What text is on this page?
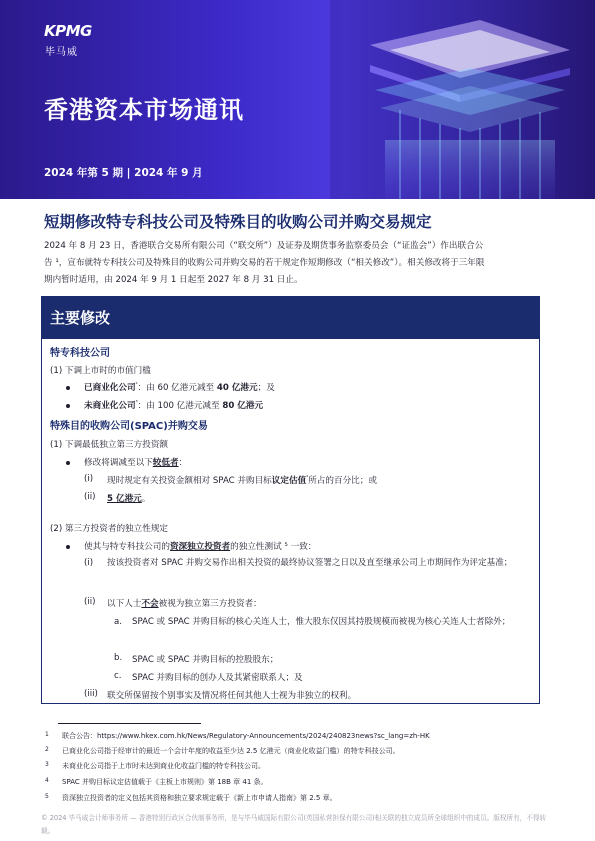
KPMG
毕马威
香港资本市场通讯
2024 年第 5 期 | 2024 年 9 月
短期修改特专科技公司及特殊目的收购公司并购交易规定
2024 年 8 月 23 日，香港联合交易所有限公司（“联交所”）及证券及期货事务监察委员会（“证监会”）作出联合公
告 ¹，宣布就特专科技公司及特殊目的收购公司并购交易的若干规定作短期修改（“相关修改”）。相关修改将于三年限
期内暂时适用，由 2024 年 9 月 1 日起至 2027 年 8 月 31 日止。
主要修改
特专科技公司
(1) 下调上市时的市值门槛
已商业化公司$^{^2}$：由 60 亿港元减至 40 亿港元；及
未商业化公司$^{^3}$：由 100 亿港元减至 80 亿港元
特殊目的收购公司(SPAC)并购交易
(1) 下调最低独立第三方投资额
修改将调减至以下较低者：
(i) 现时规定有关投资金额相对 SPAC 并购目标议定估值$^{^4}$所占的百分比；或
(ii) 5 亿港元。
(2) 第三方投资者的独立性规定
使其与特专科技公司的资深独立投资者的独立性测试 ⁵ 一致：
(i) 按该投资者对 SPAC 并购交易作出相关投资的最终协议签署之日以及直至继承公司上市期间作为评定基准；
(ii) 以下人士不会被视为独立第三方投资者：
a. SPAC 或 SPAC 并购目标的核心关连人士，惟大股东仅因其持股规模而被视为核心关连人士者除外；
b. SPAC 或 SPAC 并购目标的控股股东；
c. SPAC 并购目标的创办人及其紧密联系人；及
(iii) 联交所保留按个别事实及情况将任何其他人士视为非独立的权利。
1 联合公告：https://www.hkex.com.hk/News/Regulatory-Announcements/2024/240823news?sc_lang=zh-HK
2 已商业化公司指于经审计的最近一个会计年度的收益至少达 2.5 亿港元（商业化收益门槛）的特专科技公司。
3 未商业化公司指于上市时未达到商业化收益门槛的特专科技公司。
4 SPAC 并购目标议定估值载于《主板上市规则》第 18B 章 41 条。
5 资深独立投资者的定义包括其资格和独立要求规定载于《新上市申请人指南》第 2.5 章。
© 2024 毕马威会计师事务所 — 香港特别行政区合伙制事务所，是与毕马威国际有限公司(英国私营担保有限公司)相关联的独立成员所全球组织中的成员。版权所有，不得转载。
